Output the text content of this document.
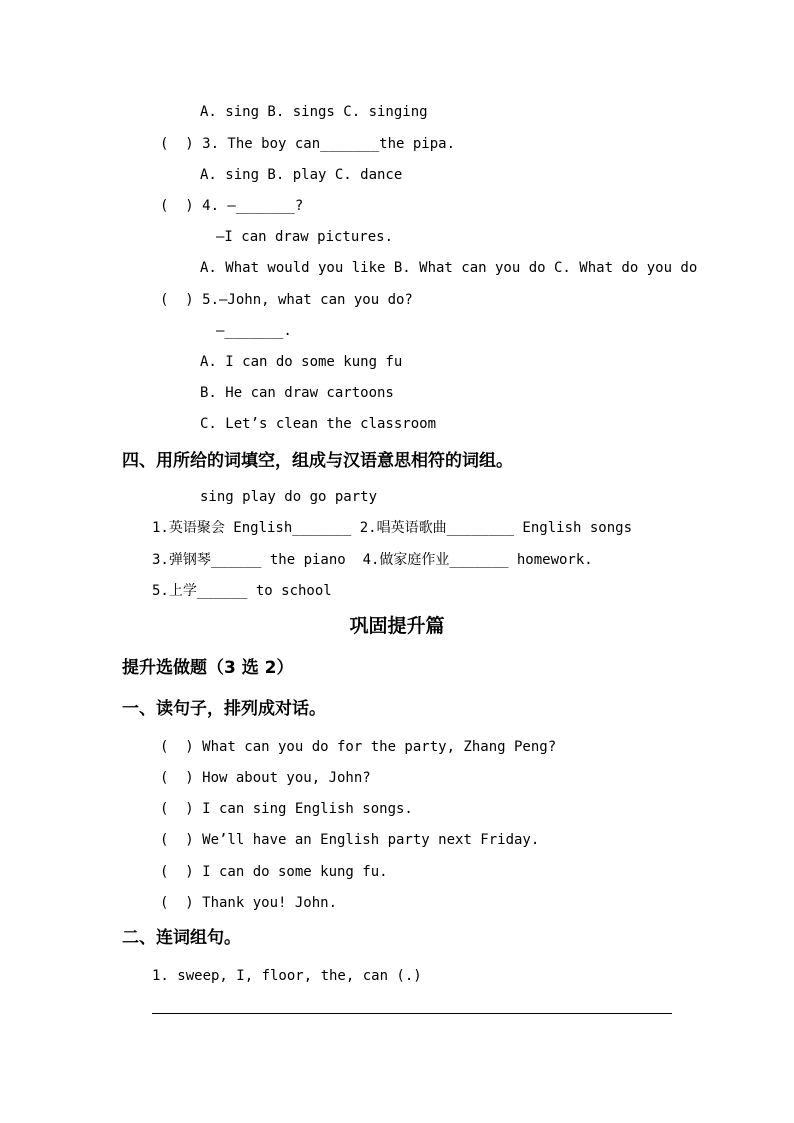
A. sing B. sings C. singing
(  ) 3. The boy can_______the pipa.
A. sing B. play C. dance
(  ) 4. —_______?
—I can draw pictures.
A. What would you like B. What can you do C. What do you do
(  ) 5.—John, what can you do?
—_______.
A. I can do some kung fu
B. He can draw cartoons
C. Let’s clean the classroom
四、用所给的词填空，组成与汉语意思相符的词组。
sing play do go party
1.英语聚会 English_______ 2.唱英语歌曲________ English songs
3.弹钢琴______ the piano  4.做家庭作业_______ homework.
5.上学______ to school
巩固提升篇
提升选做题（3 选 2）
一、读句子，排列成对话。
(  ) What can you do for the party, Zhang Peng?
(  ) How about you, John?
(  ) I can sing English songs.
(  ) We’ll have an English party next Friday.
(  ) I can do some kung fu.
(  ) Thank you! John.
二、连词组句。
1. sweep, I, floor, the, can (.)
